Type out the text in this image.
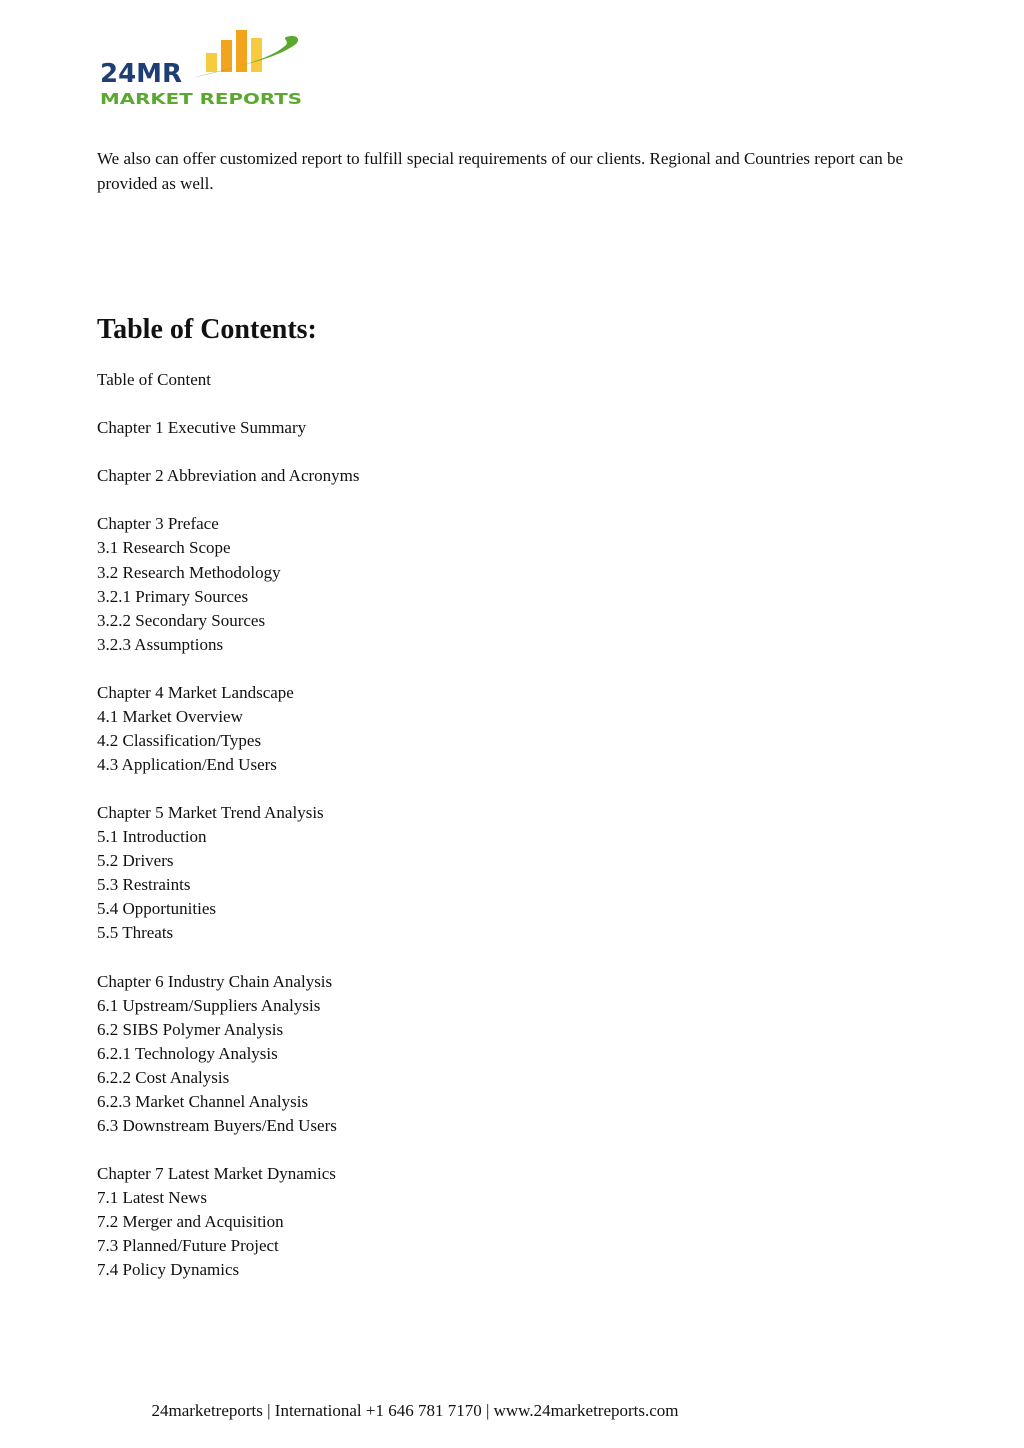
24MR
MARKET REPORTS

We also can offer customized report to fulfill special requirements of our clients. Regional and Countries report can be provided as well.

Table of Contents:
Table of Content
Chapter 1 Executive Summary
Chapter 2 Abbreviation and Acronyms
Chapter 3 Preface
3.1 Research Scope
3.2 Research Methodology
3.2.1 Primary Sources
3.2.2 Secondary Sources
3.2.3 Assumptions
Chapter 4 Market Landscape
4.1 Market Overview
4.2 Classification/Types
4.3 Application/End Users
Chapter 5 Market Trend Analysis
5.1 Introduction
5.2 Drivers
5.3 Restraints
5.4 Opportunities
5.5 Threats
Chapter 6 Industry Chain Analysis
6.1 Upstream/Suppliers Analysis
6.2 SIBS Polymer Analysis
6.2.1 Technology Analysis
6.2.2 Cost Analysis
6.2.3 Market Channel Analysis
6.3 Downstream Buyers/End Users
Chapter 7 Latest Market Dynamics
7.1 Latest News
7.2 Merger and Acquisition
7.3 Planned/Future Project
7.4 Policy Dynamics
24marketreports | International +1 646 781 7170 | www.24marketreports.com
